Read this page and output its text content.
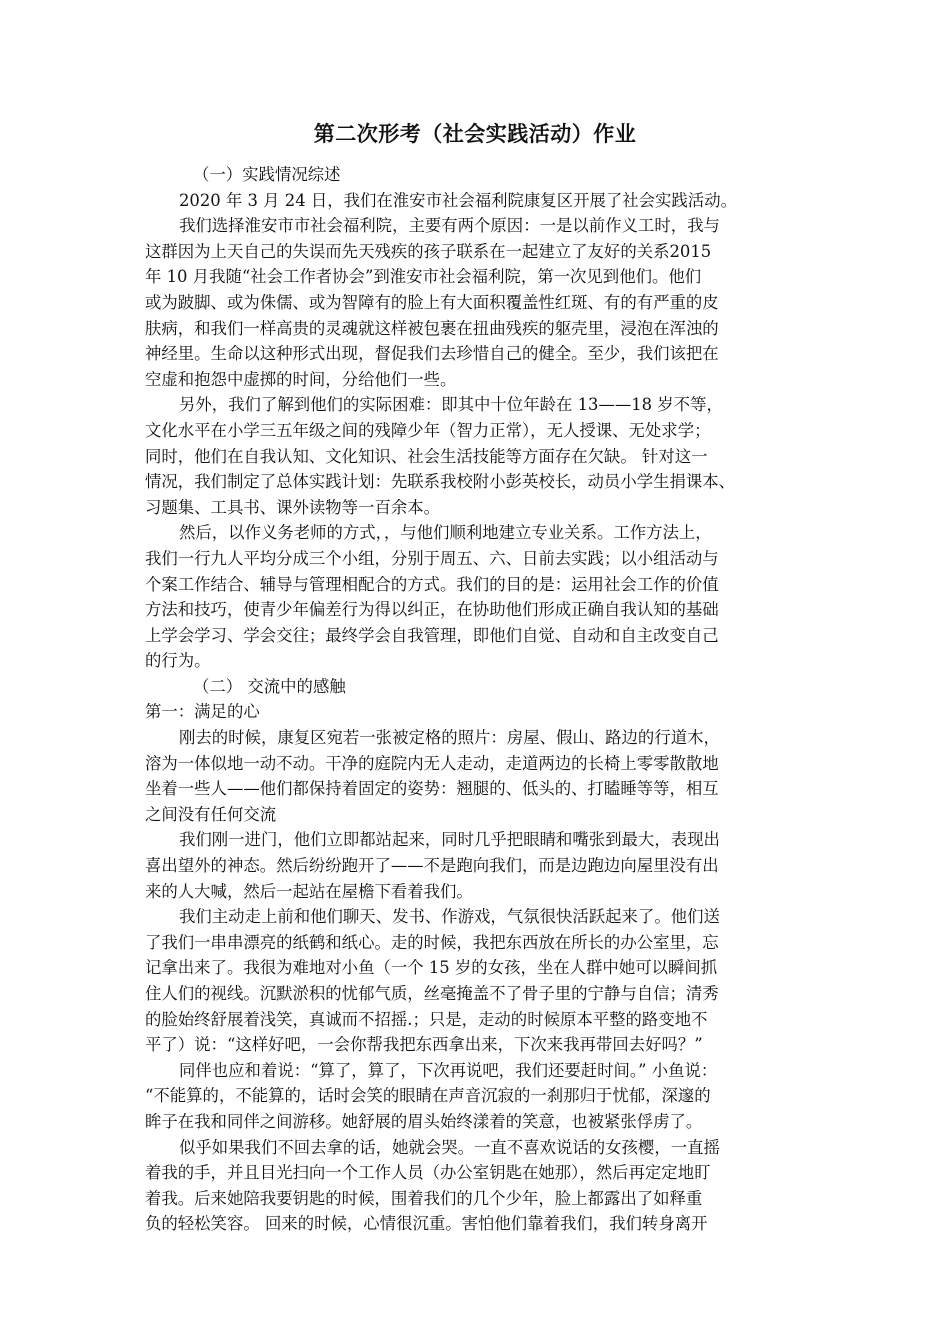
第二次形考（社会实践活动）作业
（一）实践情况综述
2020 年 3 月 24 日，我们在淮安市社会福利院康复区开展了社会实践活动。
我们选择淮安市市社会福利院，主要有两个原因：一是以前作义工时，我与
这群因为上天自己的失误而先天残疾的孩子联系在一起建立了友好的关系2015
年 10 月我随“社会工作者协会”到淮安市社会福利院，第一次见到他们。他们
或为跛脚、或为侏儒、或为智障有的脸上有大面积覆盖性红斑、有的有严重的皮
肤病，和我们一样高贵的灵魂就这样被包裹在扭曲残疾的躯壳里，浸泡在浑浊的
神经里。生命以这种形式出现，督促我们去珍惜自己的健全。至少，我们该把在
空虚和抱怨中虚掷的时间，分给他们一些。
另外，我们了解到他们的实际困难：即其中十位年龄在 13——18 岁不等，
文化水平在小学三五年级之间的残障少年（智力正常），无人授课、无处求学；
同时，他们在自我认知、文化知识、社会生活技能等方面存在欠缺。 针对这一
情况，我们制定了总体实践计划：先联系我校附小彭英校长，动员小学生捐课本、
习题集、工具书、课外读物等一百余本。
然后，以作义务老师的方式，，与他们顺利地建立专业关系。工作方法上，
我们一行九人平均分成三个小组，分别于周五、六、日前去实践；以小组活动与
个案工作结合、辅导与管理相配合的方式。我们的目的是：运用社会工作的价值
方法和技巧，使青少年偏差行为得以纠正，在协助他们形成正确自我认知的基础
上学会学习、学会交往；最终学会自我管理，即他们自觉、自动和自主改变自己
的行为。
（二） 交流中的感触
第一：满足的心
刚去的时候，康复区宛若一张被定格的照片：房屋、假山、路边的行道木，
溶为一体似地一动不动。干净的庭院内无人走动，走道两边的长椅上零零散散地
坐着一些人——他们都保持着固定的姿势：翘腿的、低头的、打瞌睡等等，相互
之间没有任何交流
我们刚一进门，他们立即都站起来，同时几乎把眼睛和嘴张到最大，表现出
喜出望外的神态。然后纷纷跑开了——不是跑向我们，而是边跑边向屋里没有出
来的人大喊，然后一起站在屋檐下看着我们。
我们主动走上前和他们聊天、发书、作游戏，气氛很快活跃起来了。他们送
了我们一串串漂亮的纸鹤和纸心。走的时候，我把东西放在所长的办公室里，忘
记拿出来了。我很为难地对小鱼（一个 15 岁的女孩，坐在人群中她可以瞬间抓
住人们的视线。沉默淤积的忧郁气质，丝毫掩盖不了骨子里的宁静与自信；清秀
的脸始终舒展着浅笑，真诚而不招摇.；只是，走动的时候原本平整的路变地不
平了）说：“这样好吧，一会你帮我把东西拿出来，下次来我再带回去好吗？”
同伴也应和着说：“算了，算了，下次再说吧，我们还要赶时间。” 小鱼说：
“不能算的，不能算的，话时会笑的眼睛在声音沉寂的一刹那归于忧郁，深邃的
眸子在我和同伴之间游移。她舒展的眉头始终漾着的笑意，也被紧张俘虏了。
似乎如果我们不回去拿的话，她就会哭。一直不喜欢说话的女孩樱，一直摇
着我的手，并且目光扫向一个工作人员（办公室钥匙在她那），然后再定定地盯
着我。后来她陪我要钥匙的时候，围着我们的几个少年，脸上都露出了如释重
负的轻松笑容。 回来的时候，心情很沉重。害怕他们靠着我们，我们转身离开
